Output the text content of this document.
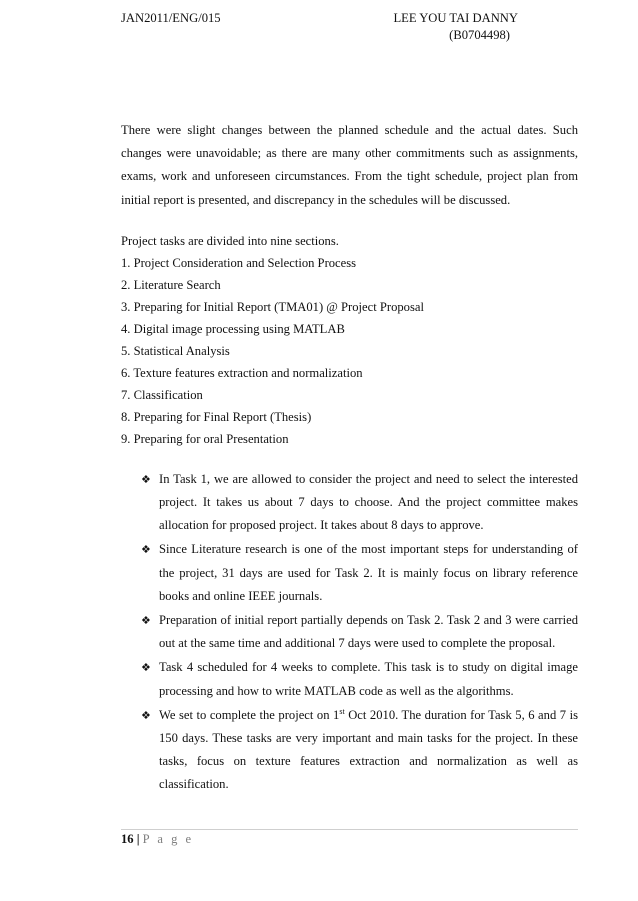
JAN2011/ENG/015	LEE YOU TAI DANNY
(B0704498)

There were slight changes between the planned schedule and the actual dates. Such changes were unavoidable; as there are many other commitments such as assignments, exams, work and unforeseen circumstances. From the tight schedule, project plan from initial report is presented, and discrepancy in the schedules will be discussed.

Project tasks are divided into nine sections.

1. Project Consideration and Selection Process
2. Literature Search
3. Preparing for Initial Report (TMA01) @ Project Proposal
4. Digital image processing using MATLAB
5. Statistical Analysis
6. Texture features extraction and normalization
7. Classification
8. Preparing for Final Report (Thesis)
9. Preparing for oral Presentation
❖ In Task 1, we are allowed to consider the project and need to select the interested project. It takes us about 7 days to choose. And the project committee makes allocation for proposed project. It takes about 8 days to approve.
❖ Since Literature research is one of the most important steps for understanding of the project, 31 days are used for Task 2. It is mainly focus on library reference books and online IEEE journals.
❖ Preparation of initial report partially depends on Task 2. Task 2 and 3 were carried out at the same time and additional 7 days were used to complete the proposal.
❖ Task 4 scheduled for 4 weeks to complete. This task is to study on digital image processing and how to write MATLAB code as well as the algorithms.
❖ We set to complete the project on 1st Oct 2010. The duration for Task 5, 6 and 7 is 150 days. These tasks are very important and main tasks for the project. In these tasks, focus on texture features extraction and normalization as well as classification.
16 | P a g e
